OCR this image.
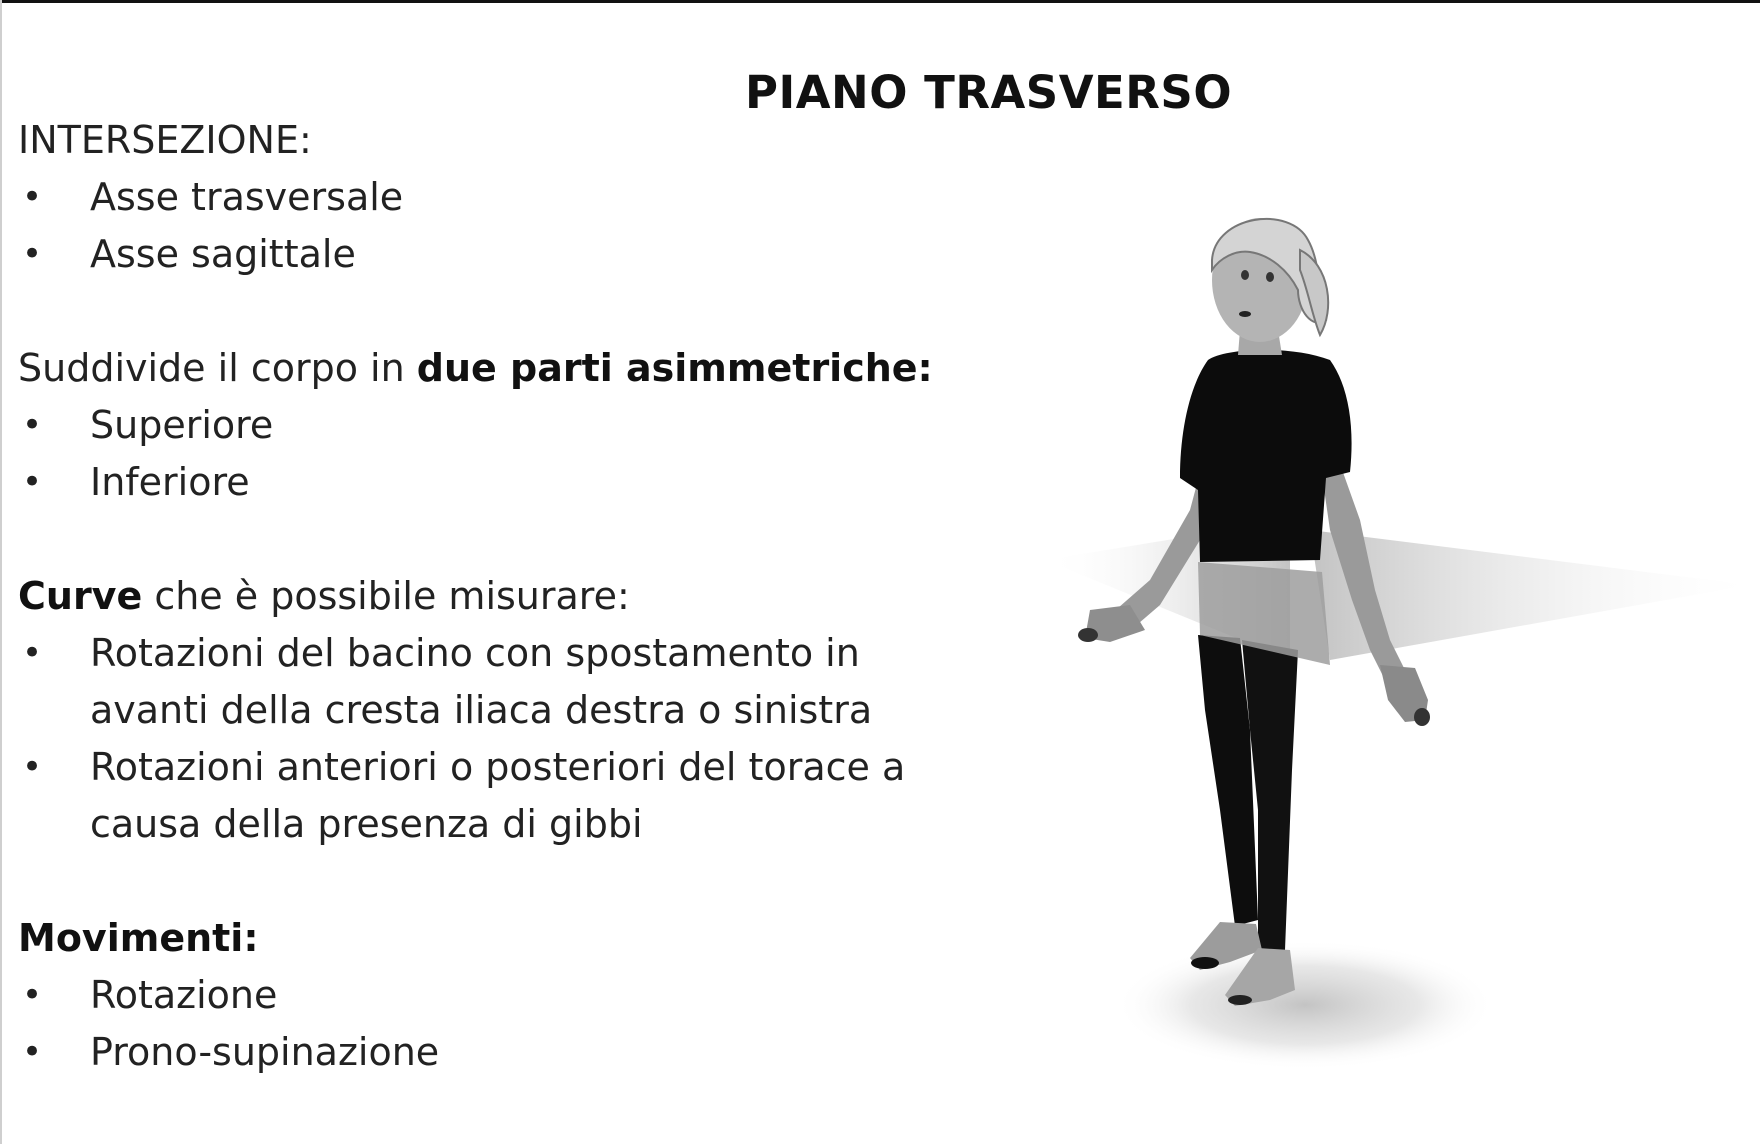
PIANO TRASVERSO
INTERSEZIONE:
• Asse trasversale
• Asse sagittale
Suddivide il corpo in due parti asimmetriche:
• Superiore
• Inferiore
Curve che è possibile misurare:
• Rotazioni del bacino con spostamento in
avanti della cresta iliaca destra o sinistra
• Rotazioni anteriori o posteriori del torace a
causa della presenza di gibbi
Movimenti:
• Rotazione
• Prono-supinazione
